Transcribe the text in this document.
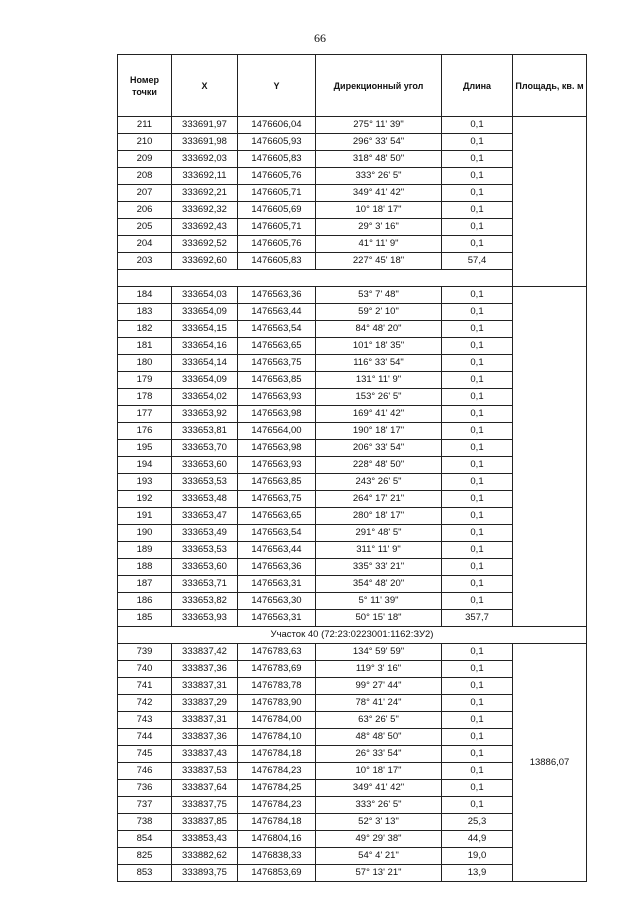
66
Номер точки	X	Y	Дирекционный угол	Длина	Площадь, кв. м
211	333691,97	1476606,04	275° 11' 39"	0,1	
210	333691,98	1476605,93	296° 33' 54"	0,1	
209	333692,03	1476605,83	318° 48' 50"	0,1	
208	333692,11	1476605,76	333° 26' 5"	0,1	
207	333692,21	1476605,71	349° 41' 42"	0,1	
206	333692,32	1476605,69	10° 18' 17"	0,1	
205	333692,43	1476605,71	29° 3' 16"	0,1	
204	333692,52	1476605,76	41° 11' 9"	0,1	
203	333692,60	1476605,83	227° 45' 18"	57,4	

184	333654,03	1476563,36	53° 7' 48"	0,1	
183	333654,09	1476563,44	59° 2' 10"	0,1	
182	333654,15	1476563,54	84° 48' 20"	0,1	
181	333654,16	1476563,65	101° 18' 35"	0,1	
180	333654,14	1476563,75	116° 33' 54"	0,1	
179	333654,09	1476563,85	131° 11' 9"	0,1	
178	333654,02	1476563,93	153° 26' 5"	0,1	
177	333653,92	1476563,98	169° 41' 42"	0,1	
176	333653,81	1476564,00	190° 18' 17"	0,1	
195	333653,70	1476563,98	206° 33' 54"	0,1	
194	333653,60	1476563,93	228° 48' 50"	0,1	
193	333653,53	1476563,85	243° 26' 5"	0,1	
192	333653,48	1476563,75	264° 17' 21"	0,1	
191	333653,47	1476563,65	280° 18' 17"	0,1	
190	333653,49	1476563,54	291° 48' 5"	0,1	
189	333653,53	1476563,44	311° 11' 9"	0,1	
188	333653,60	1476563,36	335° 33' 21"	0,1	
187	333653,71	1476563,31	354° 48' 20"	0,1	
186	333653,82	1476563,30	5° 11' 39"	0,1	
185	333653,93	1476563,31	50° 15' 18"	357,7	
Участок 40 (72:23:0223001:1162:ЗУ2)					
739	333837,42	1476783,63	134° 59' 59"	0,1	13886,07
740	333837,36	1476783,69	119° 3' 16"	0,1	
741	333837,31	1476783,78	99° 27' 44"	0,1	
742	333837,29	1476783,90	78° 41' 24"	0,1	
743	333837,31	1476784,00	63° 26' 5"	0,1	
744	333837,36	1476784,10	48° 48' 50"	0,1	
745	333837,43	1476784,18	26° 33' 54"	0,1	
746	333837,53	1476784,23	10° 18' 17"	0,1	
736	333837,64	1476784,25	349° 41' 42"	0,1	
737	333837,75	1476784,23	333° 26' 5"	0,1	
738	333837,85	1476784,18	52° 3' 13"	25,3	
854	333853,43	1476804,16	49° 29' 38"	44,9	
825	333882,62	1476838,33	54° 4' 21"	19,0	
853	333893,75	1476853,69	57° 13' 21"	13,9	
